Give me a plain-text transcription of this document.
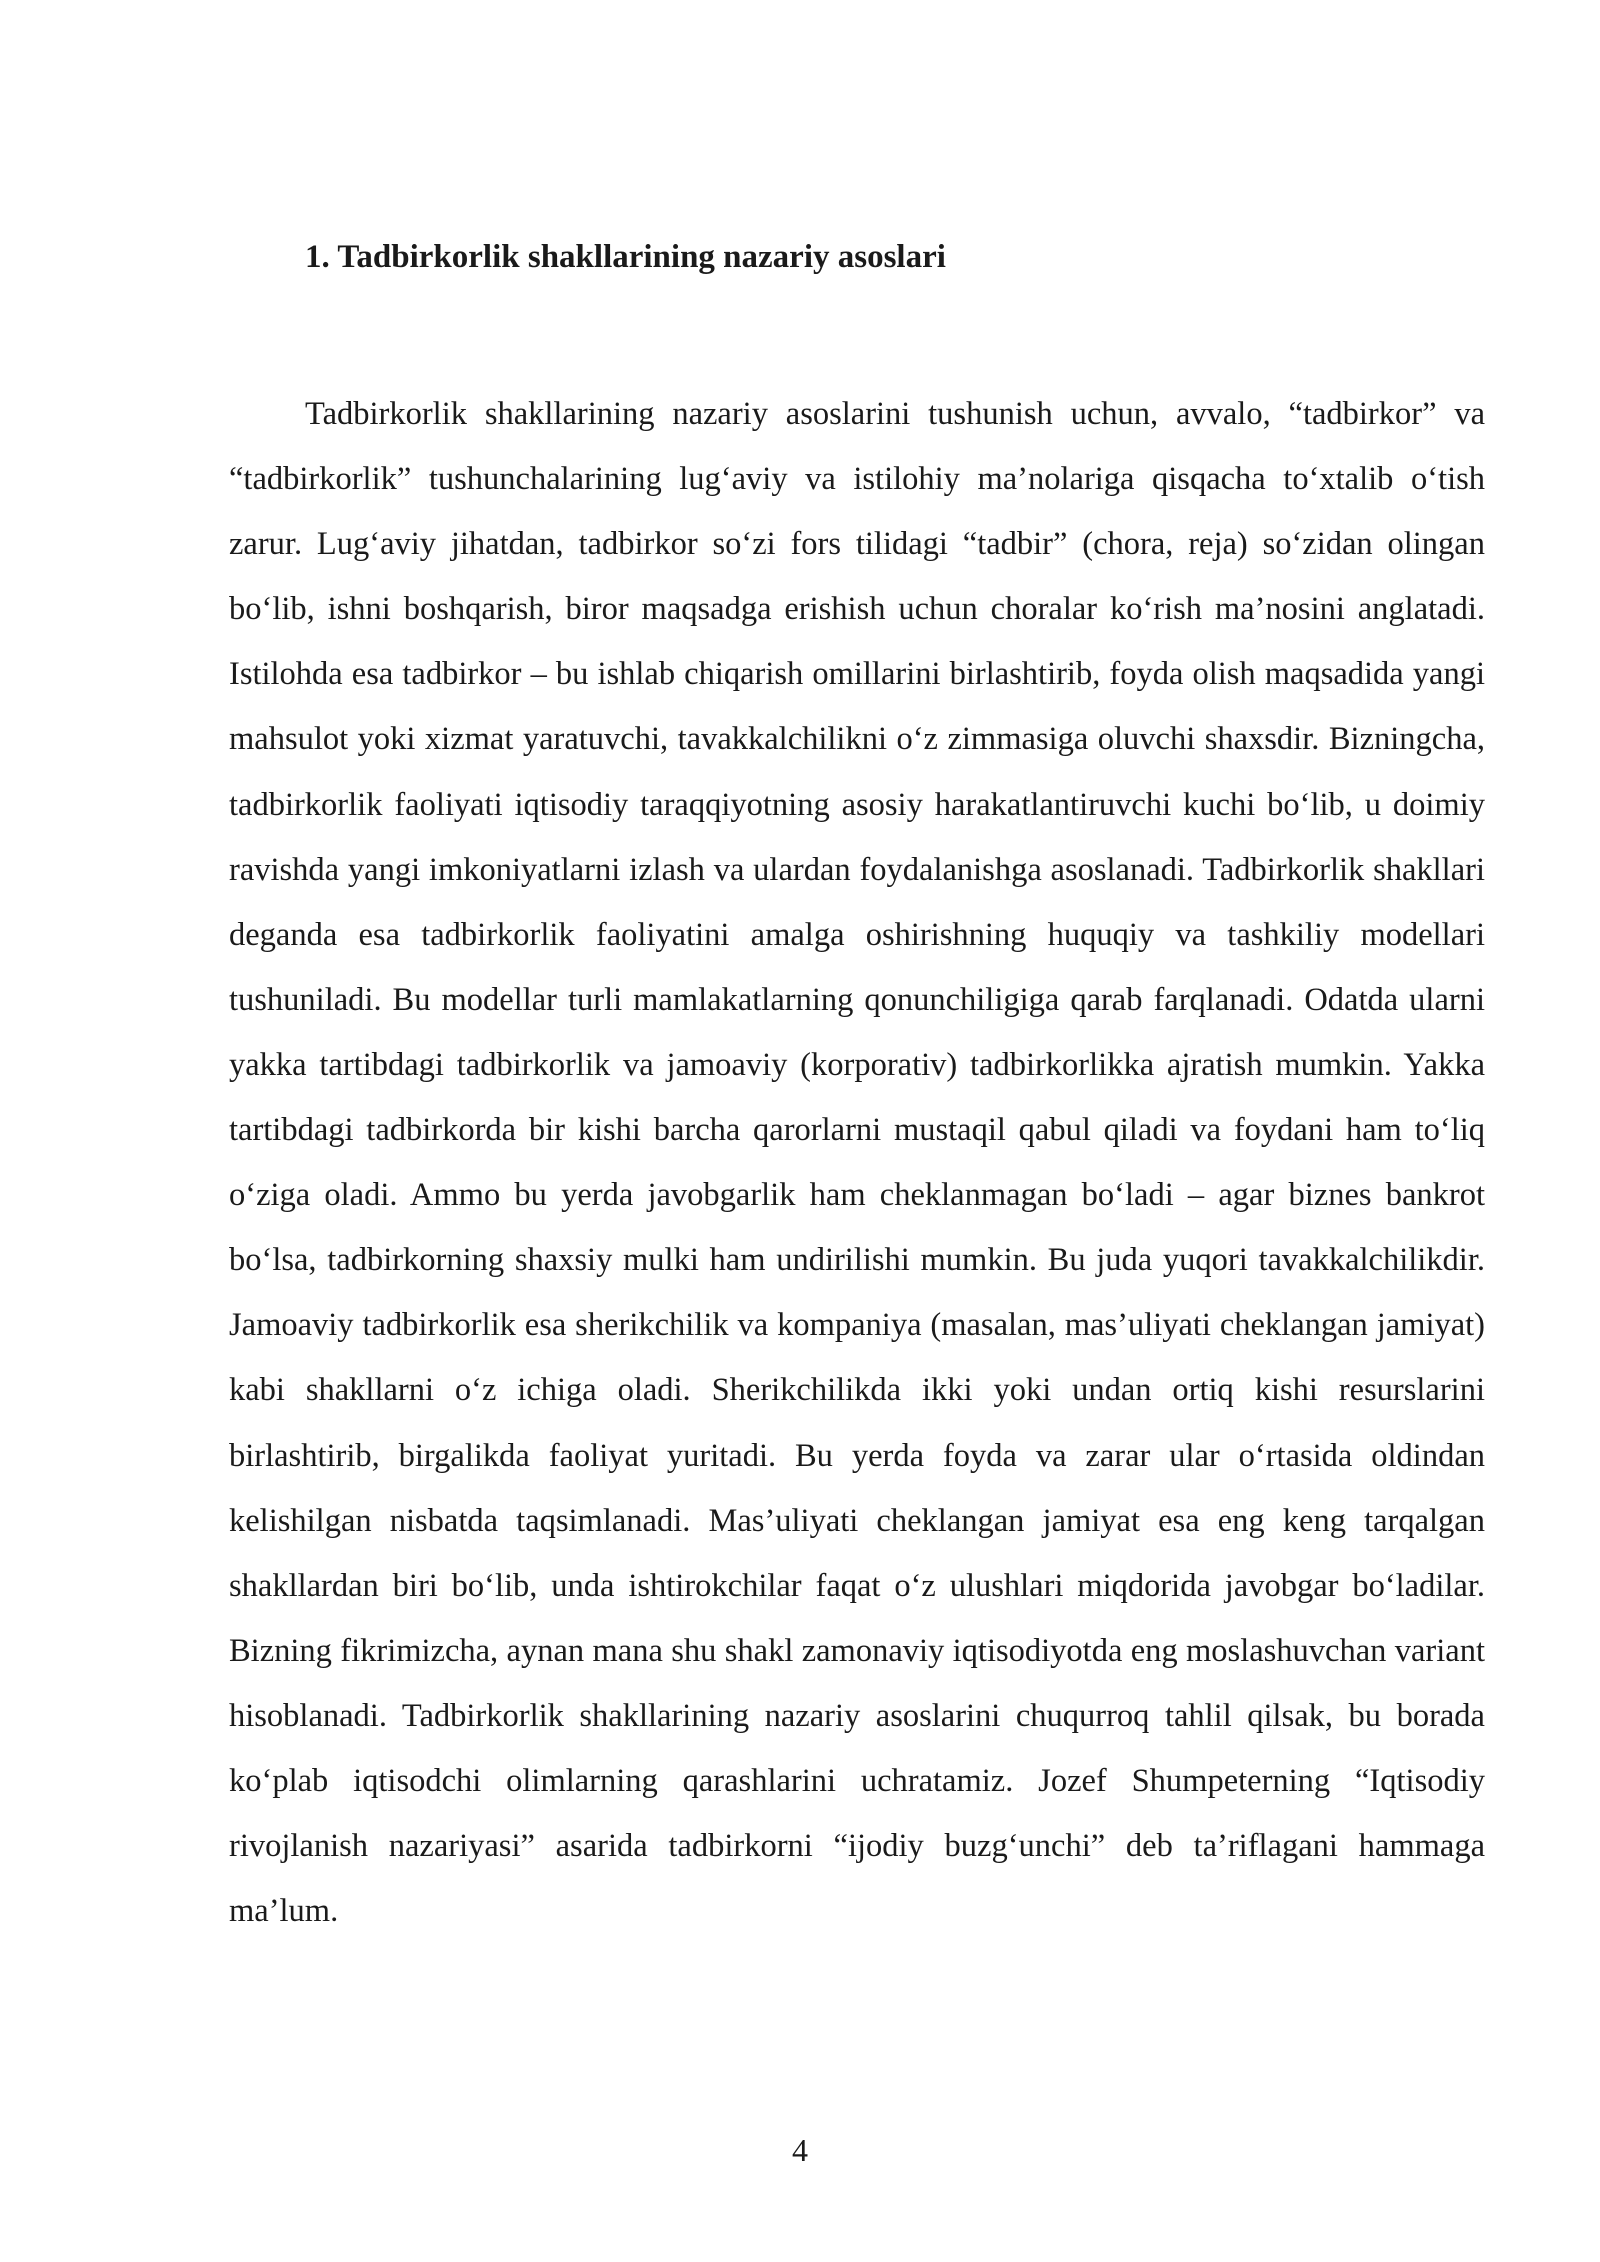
1. Tadbirkorlik shakllarining nazariy asoslari

Tadbirkorlik shakllarining nazariy asoslarini tushunish uchun, avvalo, “tadbirkor” va “tadbirkorlik” tushunchalarining lug‘aviy va istilohiy ma’nolariga qisqacha to‘xtalib o‘tish zarur. Lug‘aviy jihatdan, tadbirkor so‘zi fors tilidagi “tadbir” (chora, reja) so‘zidan olingan bo‘lib, ishni boshqarish, biror maqsadga erishish uchun choralar ko‘rish ma’nosini anglatadi. Istilohda esa tadbirkor – bu ishlab chiqarish omillarini birlashtirib, foyda olish maqsadida yangi mahsulot yoki xizmat yaratuvchi, tavakkalchilikni o‘z zimmasiga oluvchi shaxsdir. Bizningcha, tadbirkorlik faoliyati iqtisodiy taraqqiyotning asosiy harakatlantiruvchi kuchi bo‘lib, u doimiy ravishda yangi imkoniyatlarni izlash va ulardan foydalanishga asoslanadi. Tadbirkorlik shakllari deganda esa tadbirkorlik faoliyatini amalga oshirishning huquqiy va tashkiliy modellari tushuniladi. Bu modellar turli mamlakatlarning qonunchiligiga qarab farqlanadi. Odatda ularni yakka tartibdagi tadbirkorlik va jamoaviy (korporativ) tadbirkorlikka ajratish mumkin. Yakka tartibdagi tadbirkorda bir kishi barcha qarorlarni mustaqil qabul qiladi va foydani ham to‘liq o‘ziga oladi. Ammo bu yerda javobgarlik ham cheklanmagan bo‘ladi – agar biznes bankrot bo‘lsa, tadbirkorning shaxsiy mulki ham undirilishi mumkin. Bu juda yuqori tavakkalchilikdir. Jamoaviy tadbirkorlik esa sherikchilik va kompaniya (masalan, mas’uliyati cheklangan jamiyat) kabi shakllarni o‘z ichiga oladi. Sherikchilikda ikki yoki undan ortiq kishi resurslarini birlashtirib, birgalikda faoliyat yuritadi. Bu yerda foyda va zarar ular o‘rtasida oldindan kelishilgan nisbatda taqsimlanadi. Mas’uliyati cheklangan jamiyat esa eng keng tarqalgan shakllardan biri bo‘lib, unda ishtirokchilar faqat o‘z ulushlari miqdorida javobgar bo‘ladilar. Bizning fikrimizcha, aynan mana shu shakl zamonaviy iqtisodiyotda eng moslashuvchan variant hisoblanadi. Tadbirkorlik shakllarining nazariy asoslarini chuqurroq tahlil qilsak, bu borada ko‘plab iqtisodchi olimlarning qarashlarini uchratamiz. Jozef Shumpeterning “Iqtisodiy rivojlanish nazariyasi” asarida tadbirkorni “ijodiy buzg‘unchi” deb ta’riflagani hammaga ma’lum.

4
